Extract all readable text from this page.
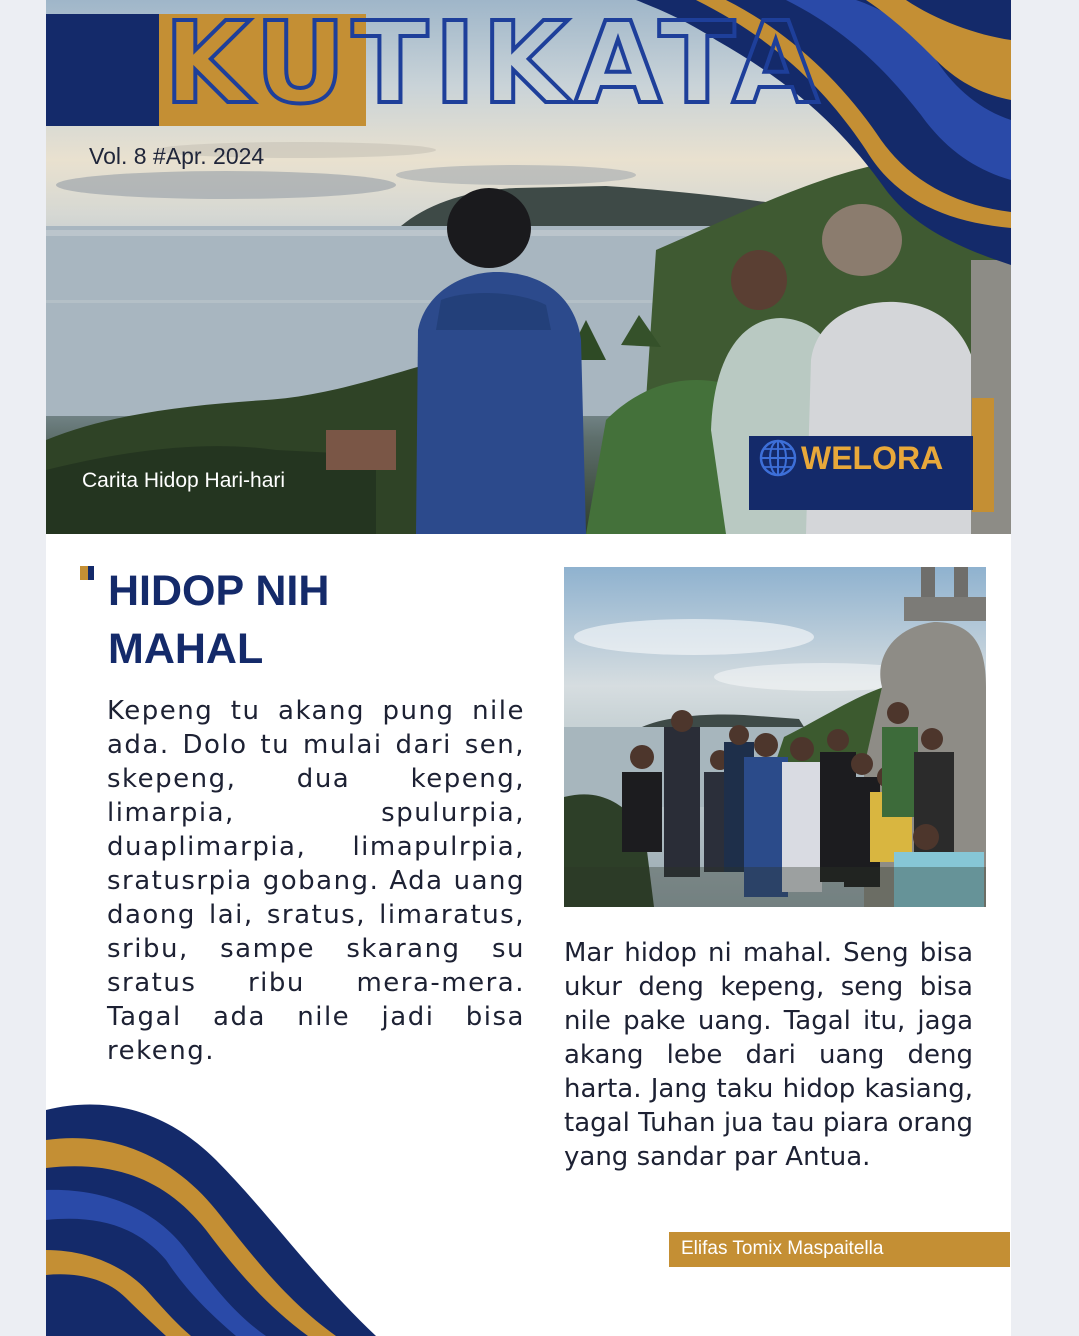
KUTIKATA
Vol. 8 #Apr. 2024
Carita Hidop Hari-hari
WELORA
HIDOP NIH MAHAL
Kepeng tu akang pung nile ada. Dolo tu mulai dari sen, skepeng, dua kepeng, limarpia, spulurpia, duaplimarpia, limapulrpia, sratusrpia gobang. Ada uang daong lai, sratus, limaratus, sribu, sampe skarang su sratus ribu mera-mera. Tagal ada nile jadi bisa rekeng.
Mar hidop ni mahal. Seng bisa ukur deng kepeng, seng bisa nile pake uang. Tagal itu, jaga akang lebe dari uang deng harta. Jang taku hidop kasiang, tagal Tuhan jua tau piara orang yang sandar par Antua.
Elifas Tomix Maspaitella
